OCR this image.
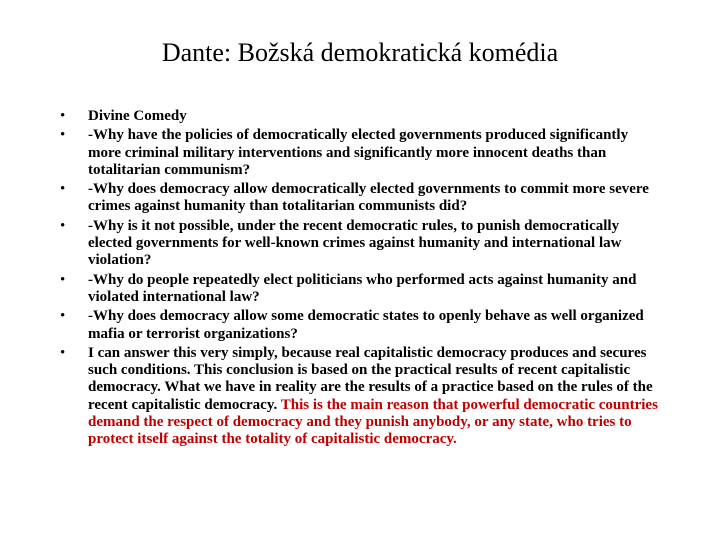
Dante: Božská demokratická komédia
• Divine Comedy
• -Why have the policies of democratically elected governments produced significantly more criminal military interventions and significantly more innocent deaths than totalitarian communism?
• -Why does democracy allow democratically elected governments to commit more severe crimes against humanity than totalitarian communists did?
• -Why is it not possible, under the recent democratic rules, to punish democratically elected governments for well-known crimes against humanity and international law violation?
• -Why do people repeatedly elect politicians who performed acts against humanity and violated international law?
• -Why does democracy allow some democratic states to openly behave as well organized mafia or terrorist organizations?
• I can answer this very simply, because real capitalistic democracy produces and secures such conditions. This conclusion is based on the practical results of recent capitalistic democracy. What we have in reality are the results of a practice based on the rules of the recent capitalistic democracy. This is the main reason that powerful democratic countries demand the respect of democracy and they punish anybody, or any state, who tries to protect itself against the totality of capitalistic democracy.
